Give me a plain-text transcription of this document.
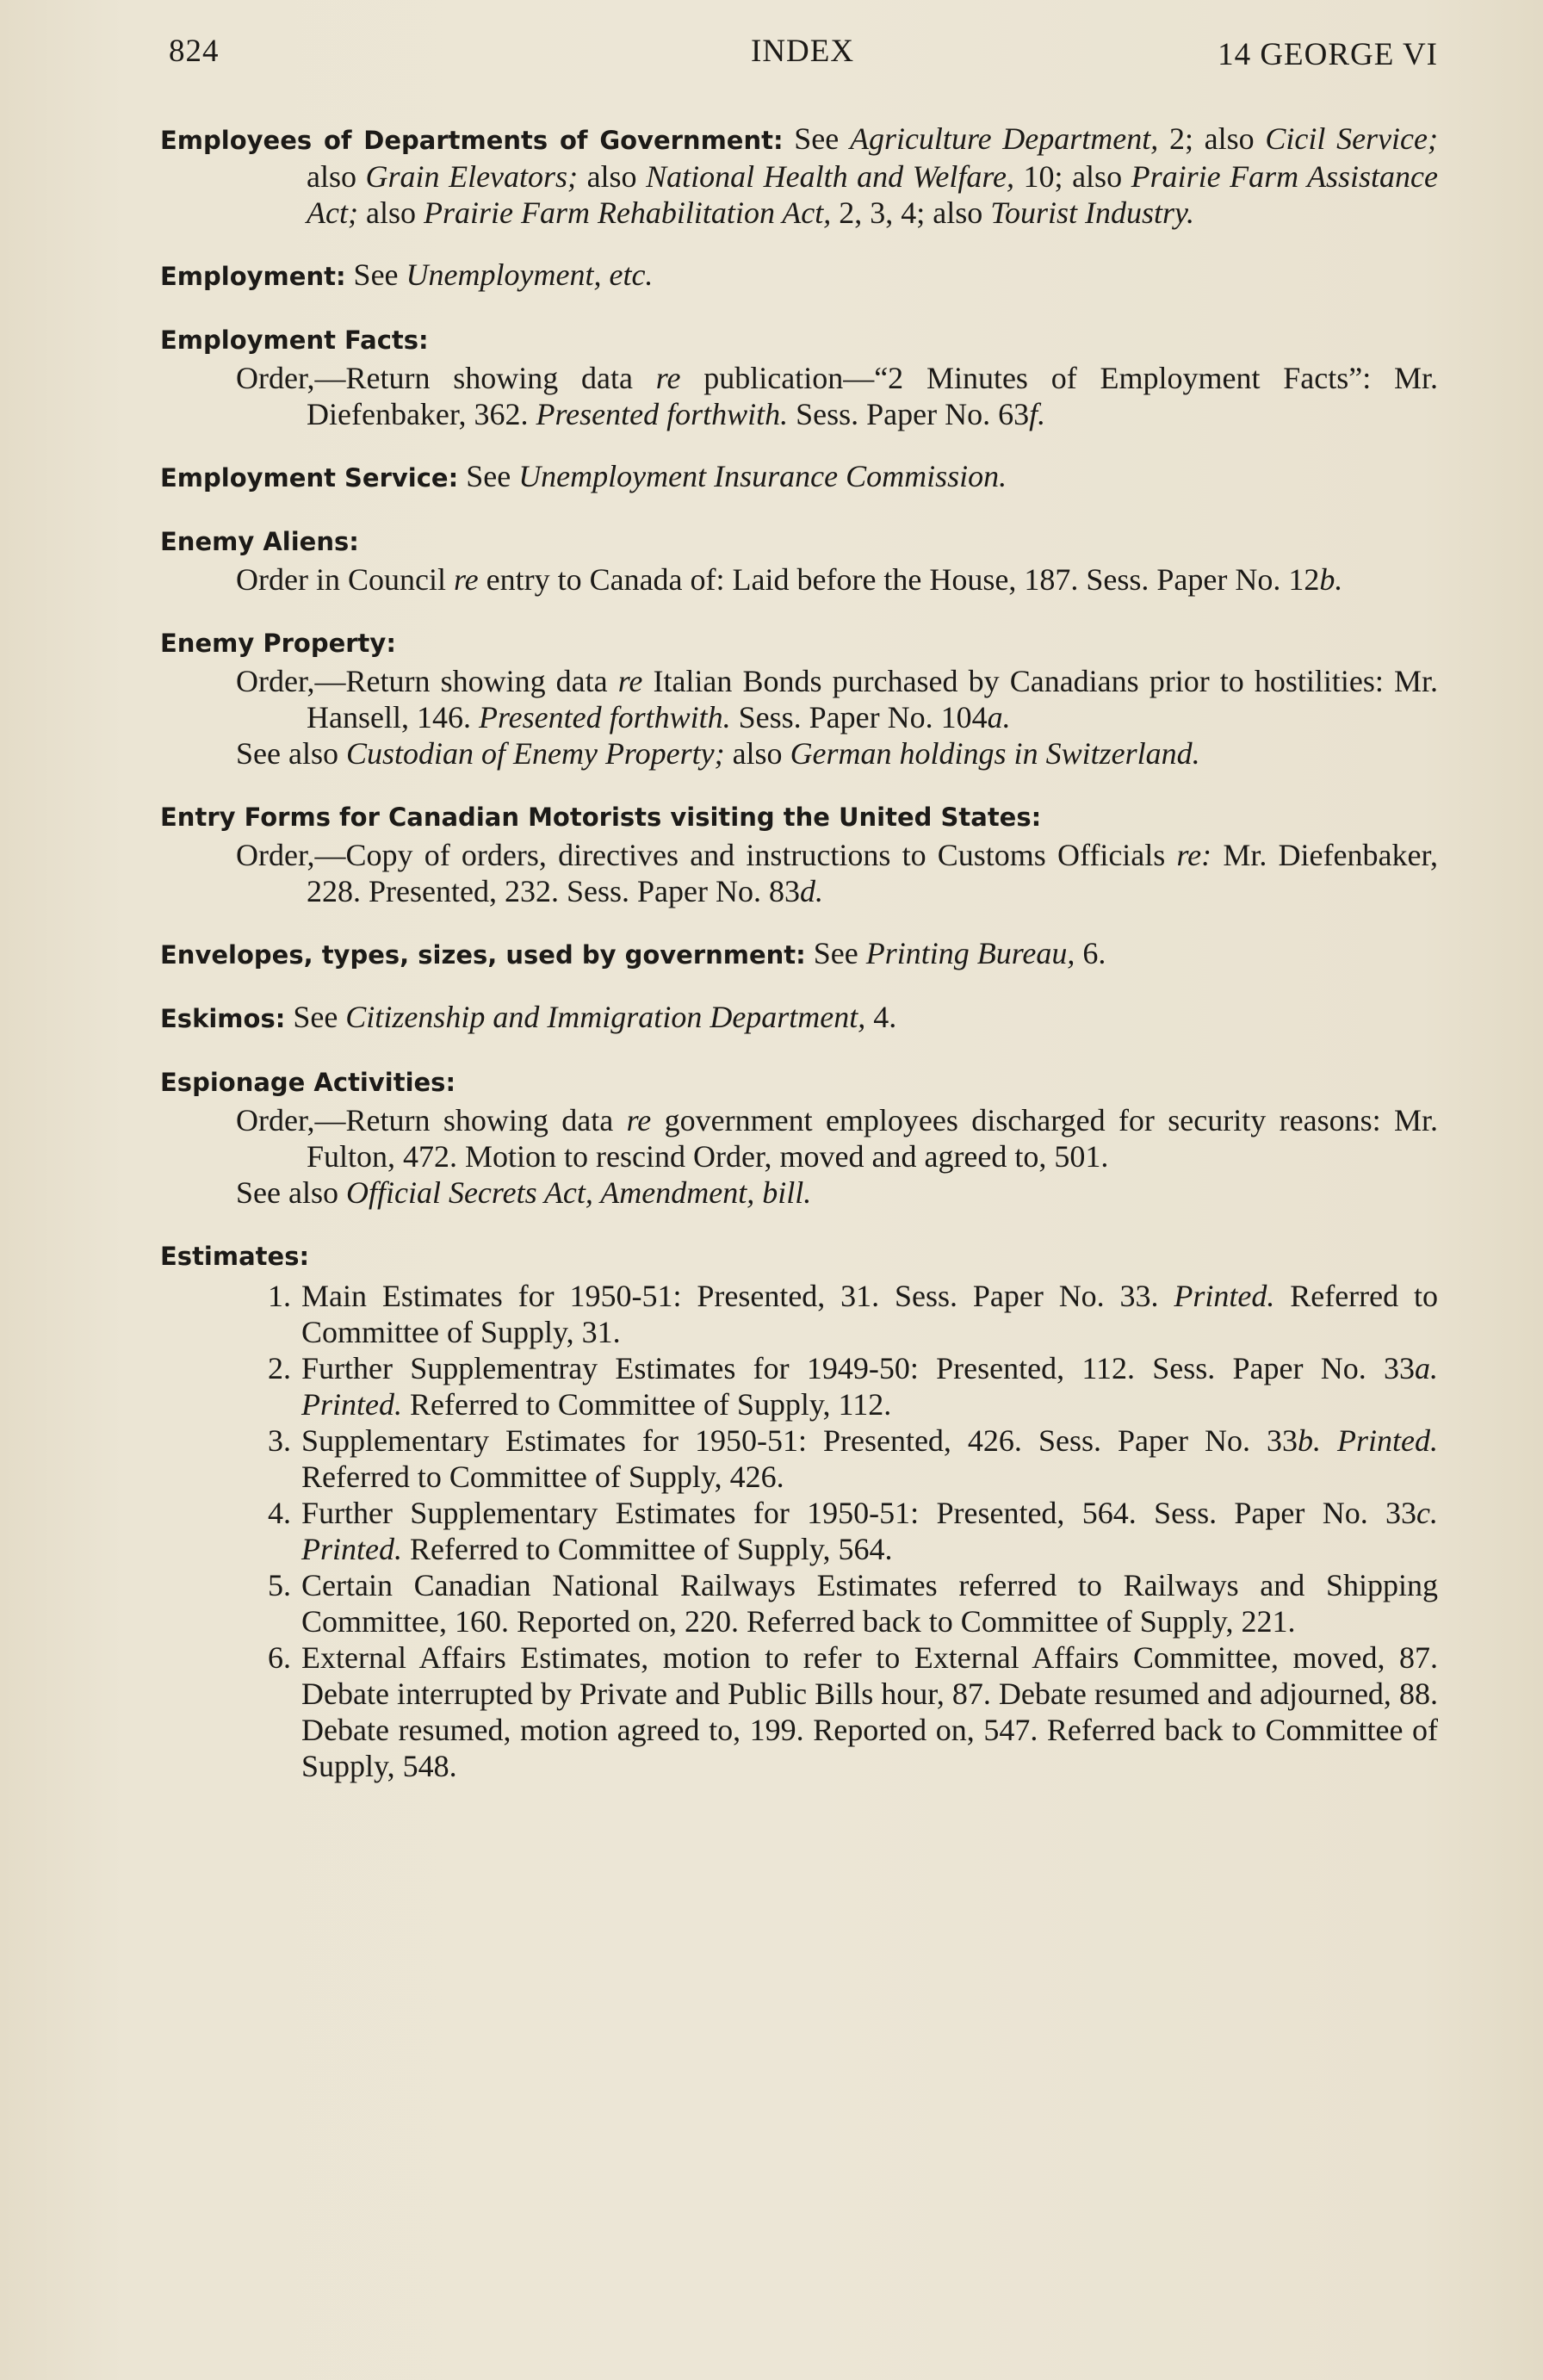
824	INDEX	14 GEORGE VI
Employees of Departments of Government: See Agriculture Department, 2; also Cicil Service; also Grain Elevators; also National Health and Welfare, 10; also Prairie Farm Assistance Act; also Prairie Farm Rehabilitation Act, 2, 3, 4; also Tourist Industry.
Employment: See Unemployment, etc.
Employment Facts:
Order,—Return showing data re publication—“2 Minutes of Employment Facts”: Mr. Diefenbaker, 362. Presented forthwith. Sess. Paper No. 63f.
Employment Service: See Unemployment Insurance Commission.
Enemy Aliens:
Order in Council re entry to Canada of: Laid before the House, 187. Sess. Paper No. 12b.
Enemy Property:
Order,—Return showing data re Italian Bonds purchased by Canadians prior to hostilities: Mr. Hansell, 146. Presented forthwith. Sess. Paper No. 104a.
See also Custodian of Enemy Property; also German holdings in Switzerland.
Entry Forms for Canadian Motorists visiting the United States:
Order,—Copy of orders, directives and instructions to Customs Officials re: Mr. Diefenbaker, 228. Presented, 232. Sess. Paper No. 83d.
Envelopes, types, sizes, used by government: See Printing Bureau, 6.
Eskimos: See Citizenship and Immigration Department, 4.
Espionage Activities:
Order,—Return showing data re government employees discharged for security reasons: Mr. Fulton, 472. Motion to rescind Order, moved and agreed to, 501.
See also Official Secrets Act, Amendment, bill.
Estimates:
1. Main Estimates for 1950-51: Presented, 31. Sess. Paper No. 33. Printed. Referred to Committee of Supply, 31.
2. Further Supplementray Estimates for 1949-50: Presented, 112. Sess. Paper No. 33a. Printed. Referred to Committee of Supply, 112.
3. Supplementary Estimates for 1950-51: Presented, 426. Sess. Paper No. 33b. Printed. Referred to Committee of Supply, 426.
4. Further Supplementary Estimates for 1950-51: Presented, 564. Sess. Paper No. 33c. Printed. Referred to Committee of Supply, 564.
5. Certain Canadian National Railways Estimates referred to Railways and Shipping Committee, 160. Reported on, 220. Referred back to Committee of Supply, 221.
6. External Affairs Estimates, motion to refer to External Affairs Committee, moved, 87. Debate interrupted by Private and Public Bills hour, 87. Debate resumed and adjourned, 88. Debate resumed, motion agreed to, 199. Reported on, 547. Referred back to Committee of Supply, 548.
